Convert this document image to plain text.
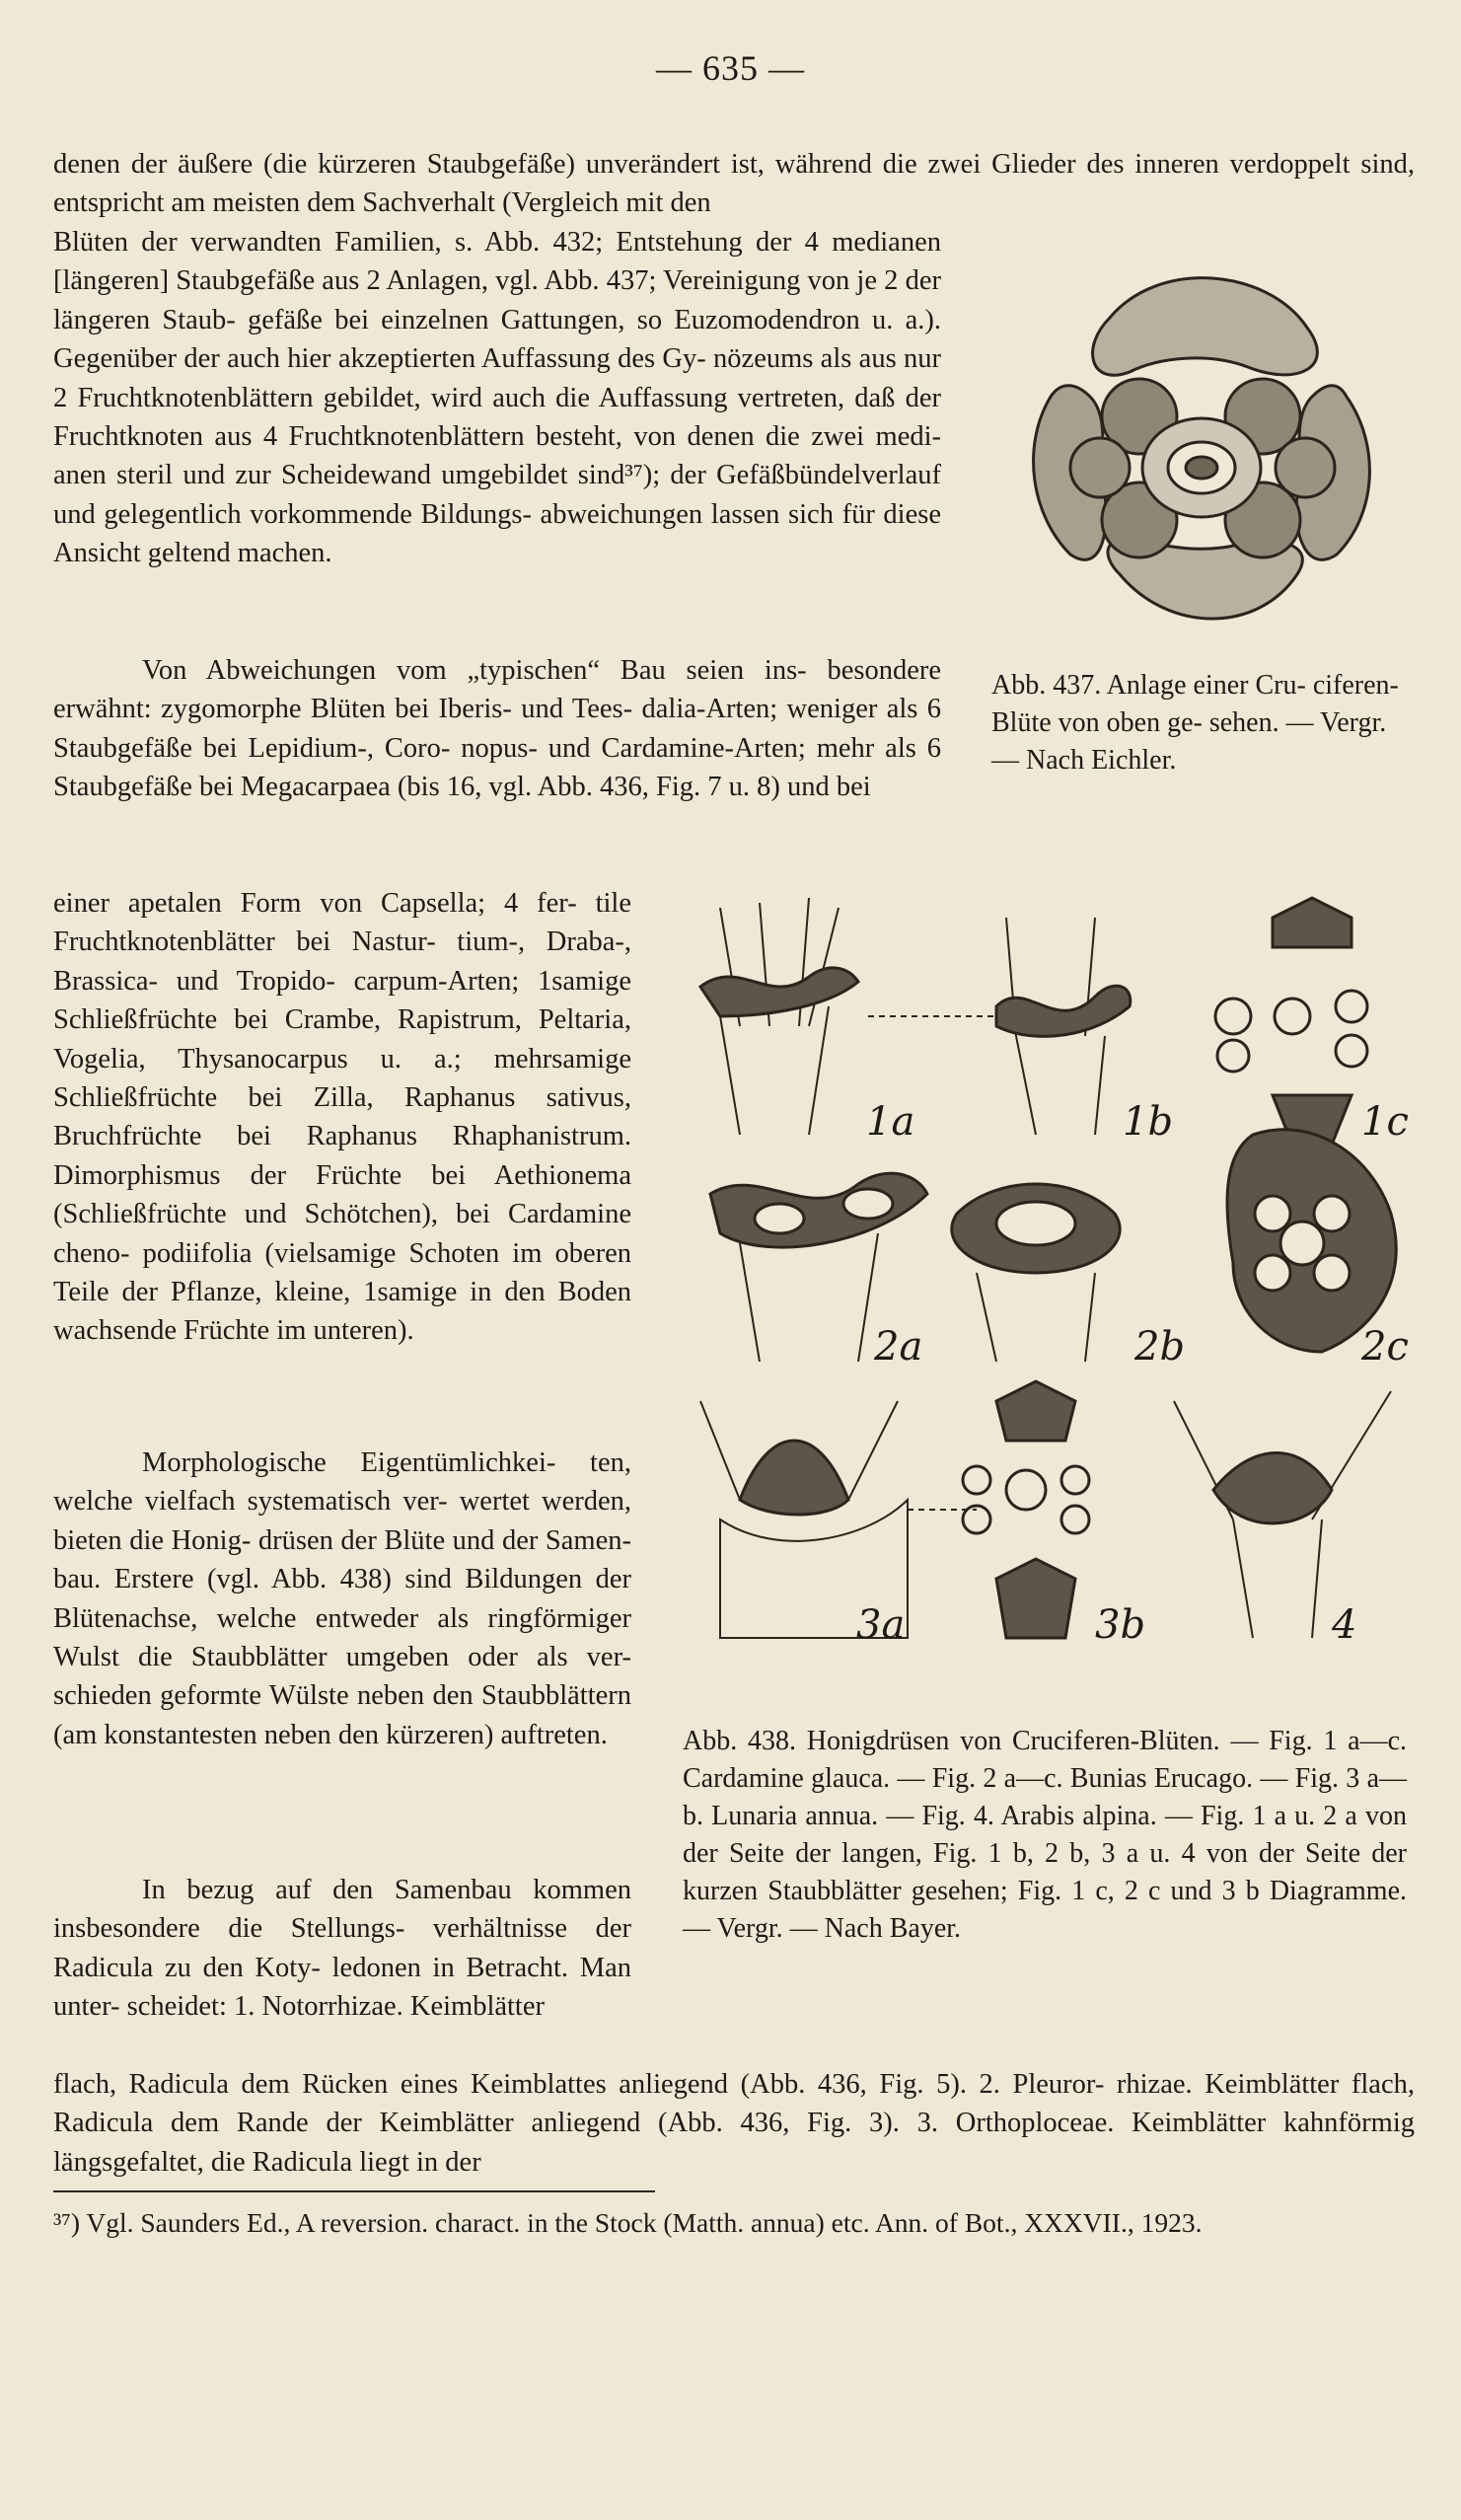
— 635 —

denen der äußere (die kürzeren Staubgefäße) unverändert ist, während die zwei Glieder des inneren verdoppelt sind, entspricht am meisten dem Sachverhalt (Vergleich mit den

Blüten der verwandten Familien, s. Abb. 432; Entstehung der 4 medianen [längeren] Staubgefäße aus 2 Anlagen, vgl. Abb. 437; Vereinigung von je 2 der längeren Staub- gefäße bei einzelnen Gattungen, so Euzomodendron u. a.). Gegenüber der auch hier akzeptierten Auffassung des Gy- nözeums als aus nur 2 Fruchtknotenblättern gebildet, wird auch die Auffassung vertreten, daß der Fruchtknoten aus 4 Fruchtknotenblättern besteht, von denen die zwei medi- anen steril und zur Scheidewand umgebildet sind³⁷); der Gefäßbündelverlauf und gelegentlich vorkommende Bildungs- abweichungen lassen sich für diese Ansicht geltend machen.

Von Abweichungen vom „typischen“ Bau seien ins- besondere erwähnt: zygomorphe Blüten bei Iberis- und Tees- dalia-Arten; weniger als 6 Staubgefäße bei Lepidium-, Coro- nopus- und Cardamine-Arten; mehr als 6 Staubgefäße bei Megacarpaea (bis 16, vgl. Abb. 436, Fig. 7 u. 8) und bei

einer apetalen Form von Capsella; 4 fer- tile Fruchtknotenblätter bei Nastur- tium-, Draba-, Brassica- und Tropido- carpum-Arten; 1samige Schließfrüchte bei Crambe, Rapistrum, Peltaria, Vogelia, Thysanocarpus u. a.; mehrsamige Schließfrüchte bei Zilla, Raphanus sativus, Bruchfrüchte bei Raphanus Rhaphanistrum. Dimorphismus der Früchte bei Aethionema (Schließfrüchte und Schötchen), bei Cardamine cheno- podiifolia (vielsamige Schoten im oberen Teile der Pflanze, kleine, 1samige in den Boden wachsende Früchte im unteren).

Morphologische Eigentümlichkei- ten, welche vielfach systematisch ver- wertet werden, bieten die Honig- drüsen der Blüte und der Samen- bau. Erstere (vgl. Abb. 438) sind Bildungen der Blütenachse, welche entweder als ringförmiger Wulst die Staubblätter umgeben oder als ver- schieden geformte Wülste neben den Staubblättern (am konstantesten neben den kürzeren) auftreten.

In bezug auf den Samenbau kommen insbesondere die Stellungs- verhältnisse der Radicula zu den Koty- ledonen in Betracht. Man unter- scheidet: 1. Notorrhizae. Keimblätter

flach, Radicula dem Rücken eines Keimblattes anliegend (Abb. 436, Fig. 5). 2. Pleuror- rhizae. Keimblätter flach, Radicula dem Rande der Keimblätter anliegend (Abb. 436, Fig. 3). 3. Orthoploceae. Keimblätter kahnförmig längsgefaltet, die Radicula liegt in der

Abb. 437. Anlage einer Cru- ciferen-Blüte von oben ge- sehen. — Vergr. — Nach Eichler.

1a	1b	1c
2a	2b	2c
3a	3b	4

Abb. 438. Honigdrüsen von Cruciferen-Blüten. — Fig. 1 a—c. Cardamine glauca. — Fig. 2 a—c. Bunias Erucago. — Fig. 3 a—b. Lunaria annua. — Fig. 4. Arabis alpina. — Fig. 1 a u. 2 a von der Seite der langen, Fig. 1 b, 2 b, 3 a u. 4 von der Seite der kurzen Staubblätter gesehen; Fig. 1 c, 2 c und 3 b Diagramme. — Vergr. — Nach Bayer.

³⁷) Vgl. Saunders Ed., A reversion. charact. in the Stock (Matth. annua) etc. Ann. of Bot., XXXVII., 1923.
